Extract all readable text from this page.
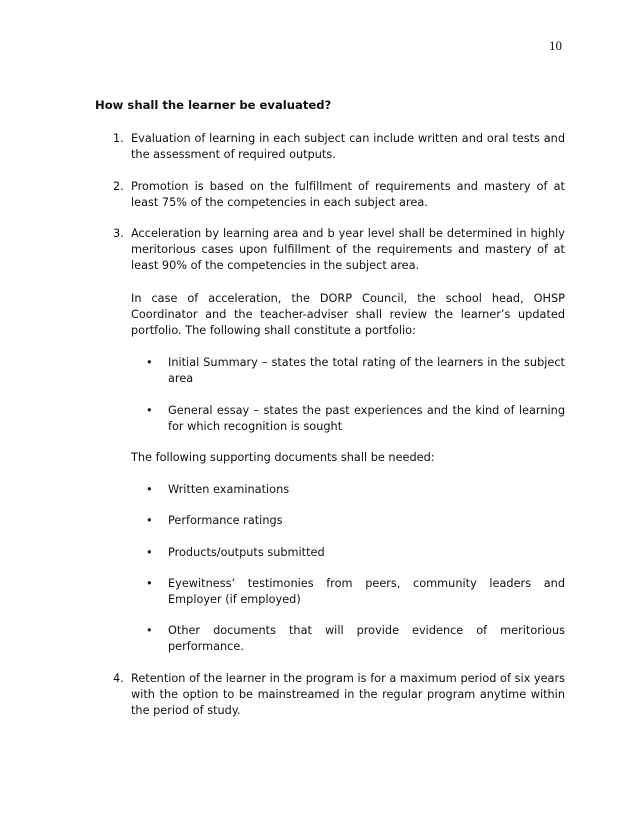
10
How shall the learner be evaluated?
1. Evaluation of learning in each subject can include written and oral tests and the assessment of required outputs.

2. Promotion is based on the fulfillment of requirements and mastery of at least 75% of the competencies in each subject area.

3. Acceleration by learning area and b year level shall be determined in highly meritorious cases upon fulfillment of the requirements and mastery of at least 90% of the competencies in the subject area.

In case of acceleration, the DORP Council, the school head, OHSP Coordinator and the teacher-adviser shall review the learner’s updated portfolio. The following shall constitute a portfolio:

• Initial Summary – states the total rating of the learners in the subject area

• General essay – states the past experiences and the kind of learning for which recognition is sought

The following supporting documents shall be needed:

• Written examinations

• Performance ratings

• Products/outputs submitted

• Eyewitness’ testimonies from peers, community leaders and Employer (if employed)

• Other documents that will provide evidence of meritorious performance.

4. Retention of the learner in the program is for a maximum period of six years with the option to be mainstreamed in the regular program anytime within the period of study.
